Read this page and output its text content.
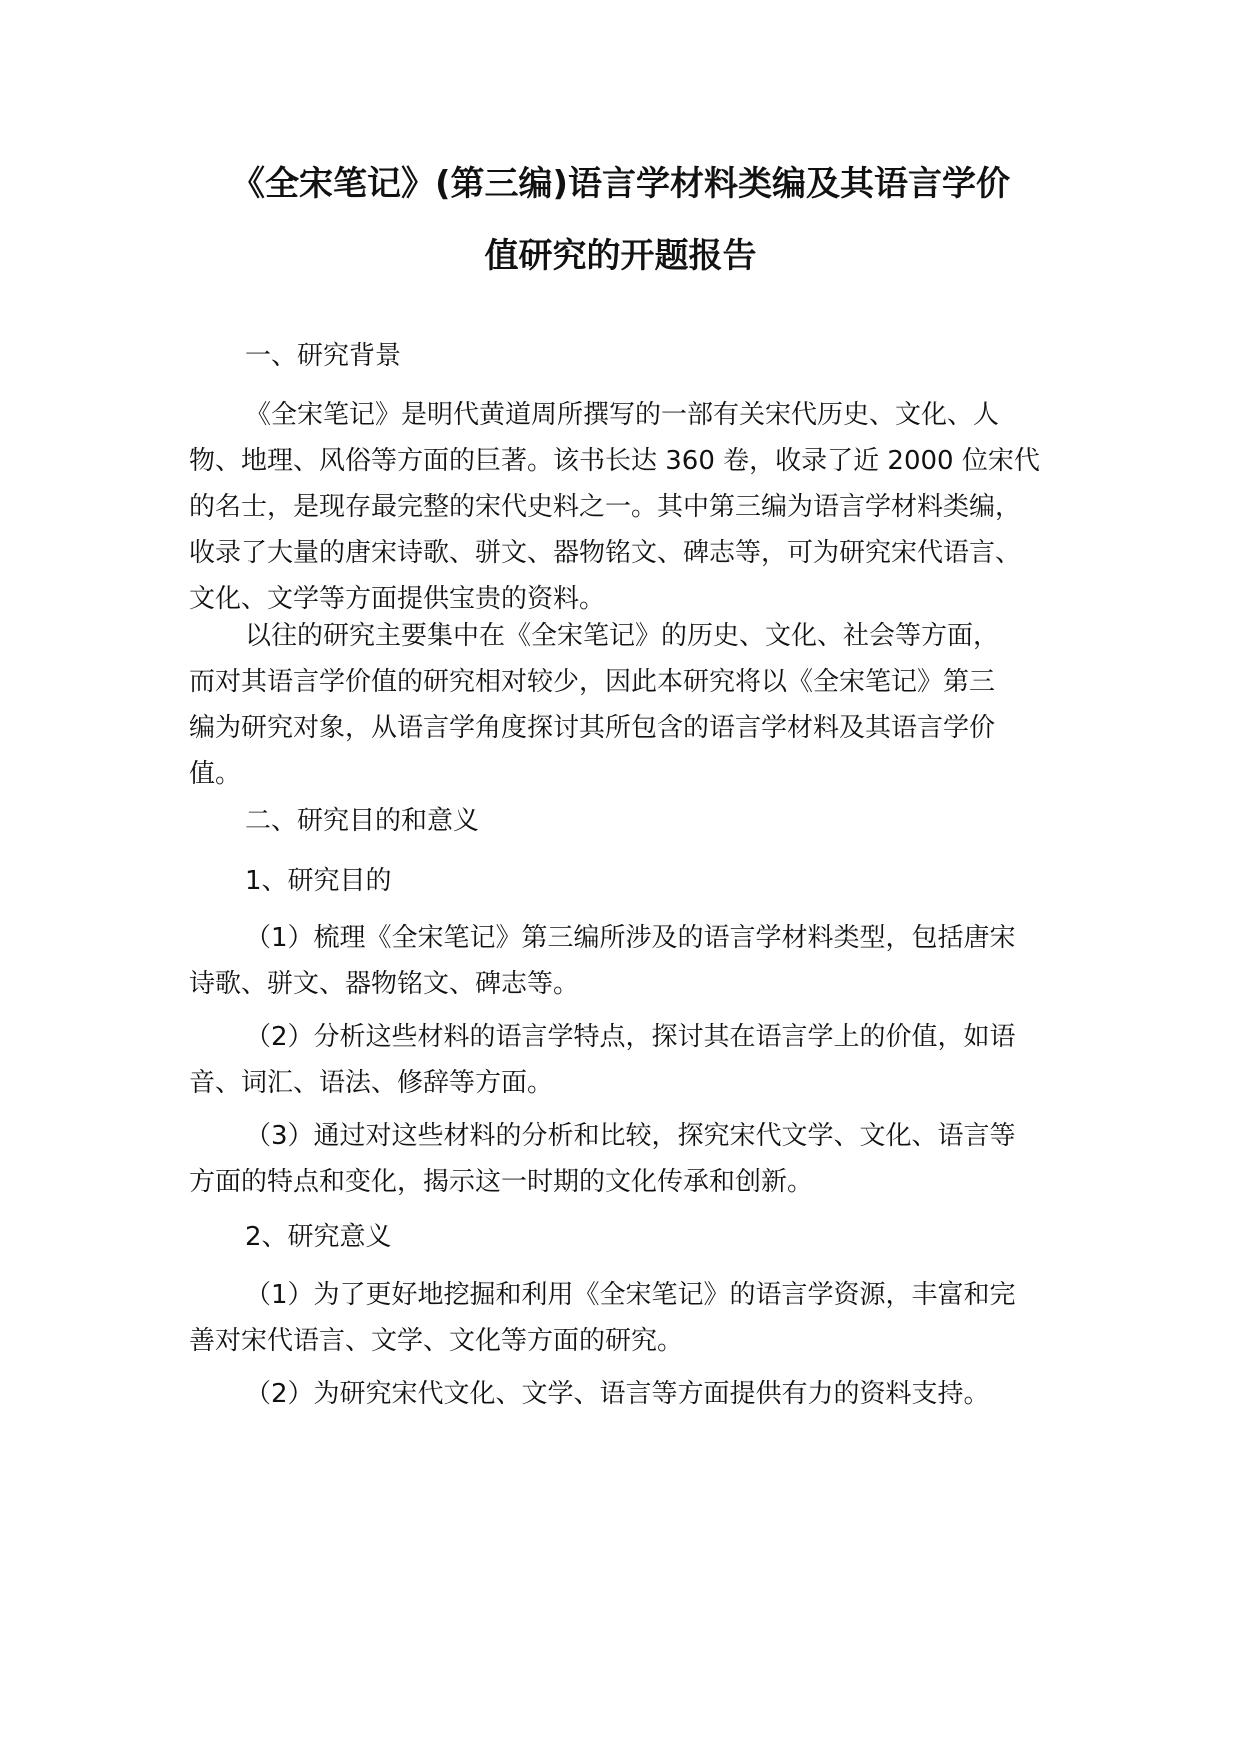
《全宋笔记》(第三编)语言学材料类编及其语言学价
值研究的开题报告
一、研究背景
《全宋笔记》是明代黄道周所撰写的一部有关宋代历史、文化、人
物、地理、风俗等方面的巨著。该书长达 360 卷，收录了近 2000 位宋代
的名士，是现存最完整的宋代史料之一。其中第三编为语言学材料类编，
收录了大量的唐宋诗歌、骈文、器物铭文、碑志等，可为研究宋代语言、
文化、文学等方面提供宝贵的资料。
以往的研究主要集中在《全宋笔记》的历史、文化、社会等方面，
而对其语言学价值的研究相对较少，因此本研究将以《全宋笔记》第三
编为研究对象，从语言学角度探讨其所包含的语言学材料及其语言学价
值。
二、研究目的和意义
1、研究目的
（1）梳理《全宋笔记》第三编所涉及的语言学材料类型，包括唐宋
诗歌、骈文、器物铭文、碑志等。
（2）分析这些材料的语言学特点，探讨其在语言学上的价值，如语
音、词汇、语法、修辞等方面。
（3）通过对这些材料的分析和比较，探究宋代文学、文化、语言等
方面的特点和变化，揭示这一时期的文化传承和创新。
2、研究意义
（1）为了更好地挖掘和利用《全宋笔记》的语言学资源，丰富和完
善对宋代语言、文学、文化等方面的研究。
（2）为研究宋代文化、文学、语言等方面提供有力的资料支持。
